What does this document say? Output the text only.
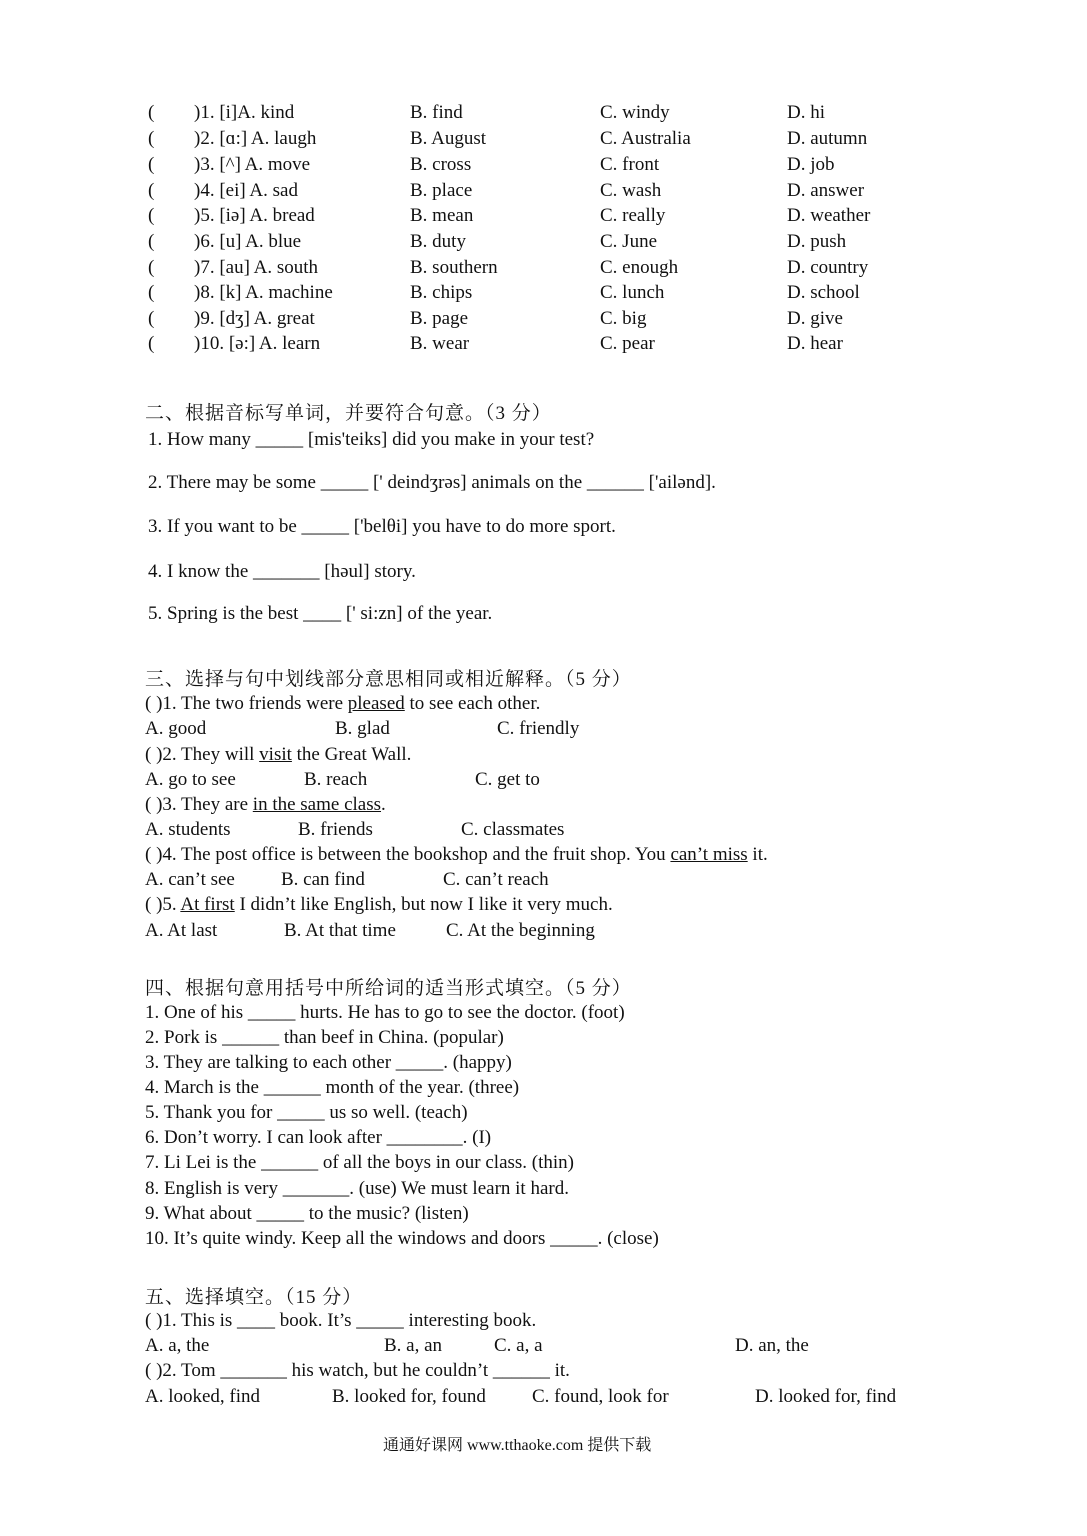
( )1. [i]A. kind	B. find	C. windy	D. hi
( )2. [ɑ:] A. laugh	B. August	C. Australia	D. autumn
( )3. [^] A. move	B. cross	C. front	D. job
( )4. [ei] A. sad	B. place	C. wash	D. answer
( )5. [iə] A. bread	B. mean	C. really	D. weather
( )6. [u] A. blue	B. duty	C. June	D. push
( )7. [au] A. south	B. southern	C. enough	D. country
( )8. [k] A. machine	B. chips	C. lunch	D. school
( )9. [dʒ] A. great	B. page	C. big	D. give
( )10. [ə:] A. learn	B. wear	C. pear	D. hear
二、根据音标写单词，并要符合句意。（3 分）
1. How many _____ [mis'teiks] did you make in your test?
2. There may be some _____ [' deindʒrəs] animals on the ______ ['ailənd].
3. If you want to be _____ ['belθi] you have to do more sport.
4. I know the _______ [həul] story.
5. Spring is the best ____ [' si:zn] of the year.
三、选择与句中划线部分意思相同或相近解释。（5 分）
( )1. The two friends were pleased to see each other.
A. good	B. glad	C. friendly
( )2. They will visit the Great Wall.
A. go to see	B. reach	C. get to
( )3. They are in the same class.
A. students	B. friends	C. classmates
( )4. The post office is between the bookshop and the fruit shop. You can’t miss it.
A. can’t see B. can find	C. can’t reach
( )5. At first I didn’t like English, but now I like it very much.
A. At last	B. At that time	C. At the beginning
四、根据句意用括号中所给词的适当形式填空。（5 分）
1. One of his _____ hurts. He has to go to see the doctor. (foot)
2. Pork is ______ than beef in China. (popular)
3. They are talking to each other _____. (happy)
4. March is the ______ month of the year. (three)
5. Thank you for _____ us so well. (teach)
6. Don’t worry. I can look after ________. (I)
7. Li Lei is the ______ of all the boys in our class. (thin)
8. English is very _______. (use) We must learn it hard.
9. What about _____ to the music? (listen)
10. It’s quite windy. Keep all the windows and doors _____. (close)
五、选择填空。（15 分）
( )1. This is ____ book. It’s _____ interesting book.
A. a, the	B. a, an	C. a, a	D. an, the
( )2. Tom _______ his watch, but he couldn’t ______ it.
A. looked, find	B. looked for, found C. found, look for	D. looked for, find
通通好课网 www.tthaoke.com 提供下载
